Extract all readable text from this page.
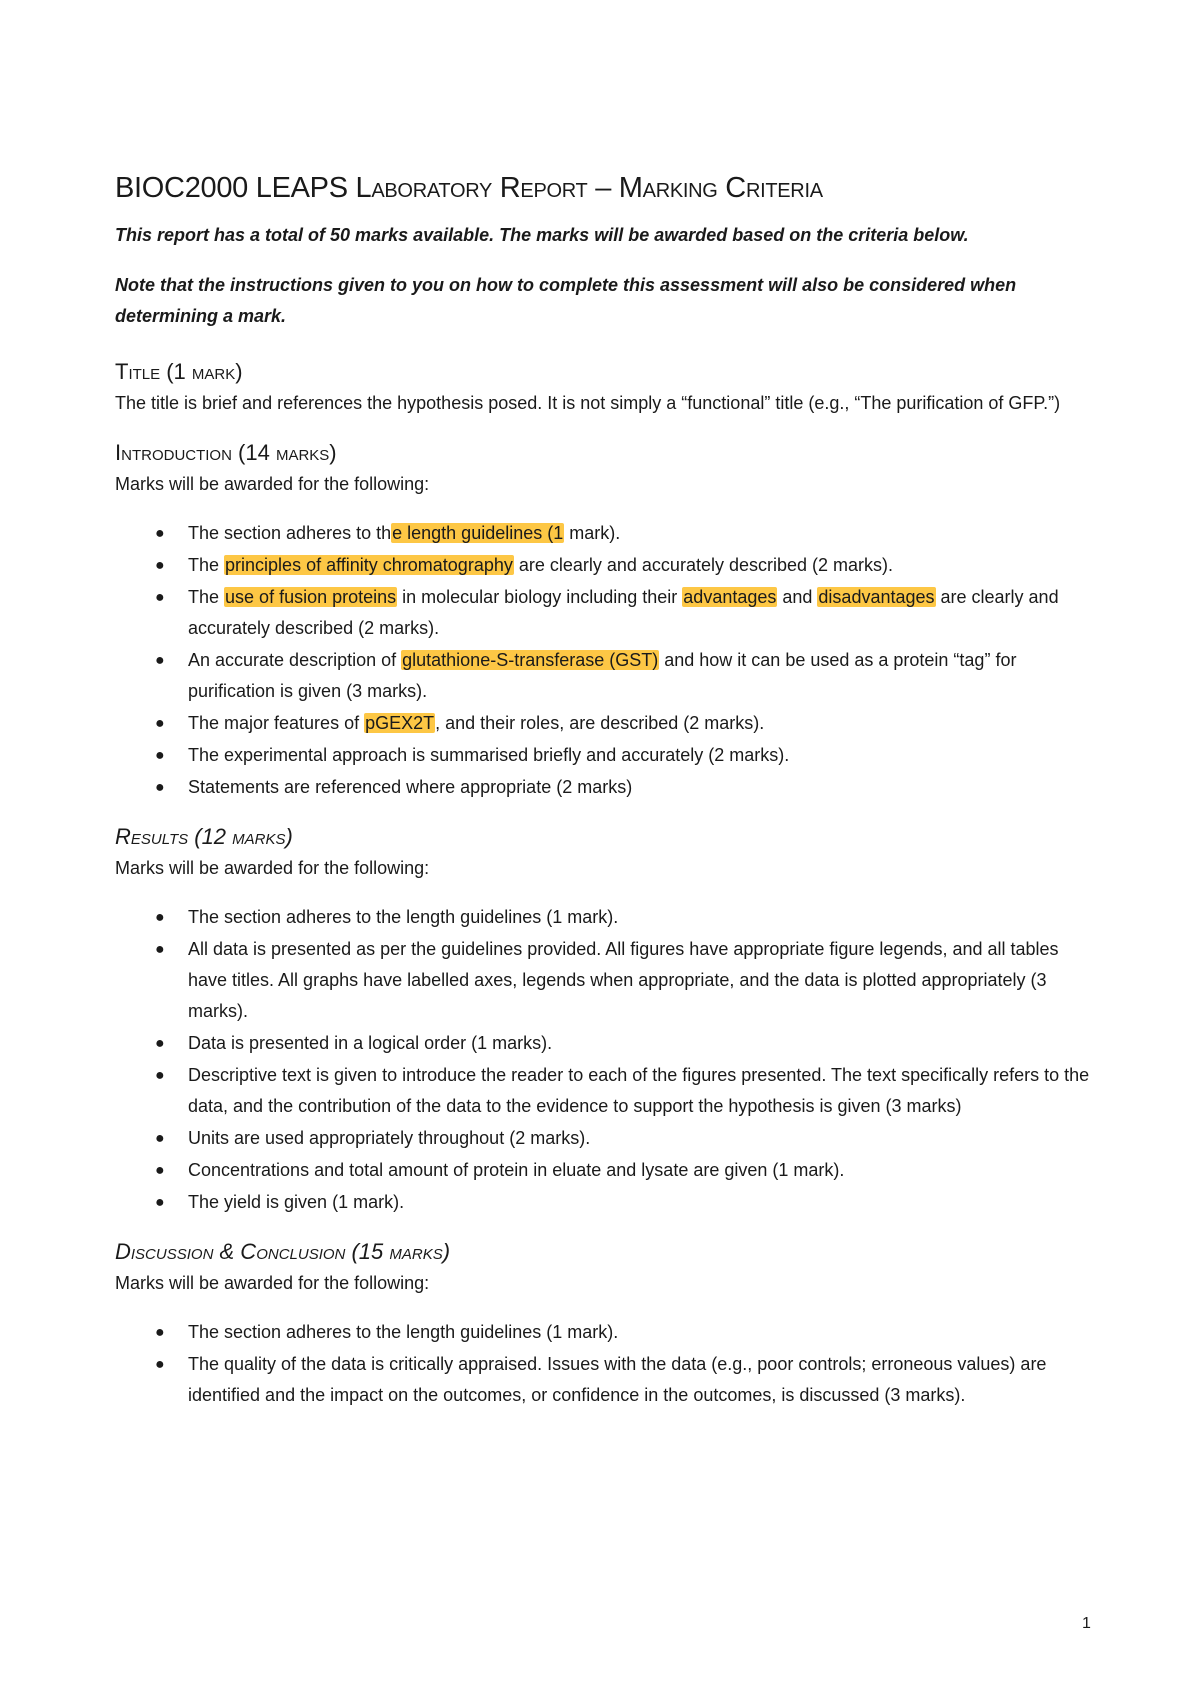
BIOC2000 LEAPS Laboratory Report – Marking Criteria

This report has a total of 50 marks available. The marks will be awarded based on the criteria below.

Note that the instructions given to you on how to complete this assessment will also be considered when determining a mark.

Title (1 mark)

The title is brief and references the hypothesis posed. It is not simply a “functional” title (e.g., “The purification of GFP.”)

Introduction (14 marks)

Marks will be awarded for the following:

● The section adheres to the length guidelines (1 mark).
● The principles of affinity chromatography are clearly and accurately described (2 marks).
● The use of fusion proteins in molecular biology including their advantages and disadvantages are clearly and accurately described (2 marks).
● An accurate description of glutathione-S-transferase (GST) and how it can be used as a protein “tag” for purification is given (3 marks).
● The major features of pGEX2T, and their roles, are described (2 marks).
● The experimental approach is summarised briefly and accurately (2 marks).
● Statements are referenced where appropriate (2 marks)
Results (12 marks)

Marks will be awarded for the following:

● The section adheres to the length guidelines (1 mark).
● All data is presented as per the guidelines provided. All figures have appropriate figure legends, and all tables have titles. All graphs have labelled axes, legends when appropriate, and the data is plotted appropriately (3 marks).
● Data is presented in a logical order (1 marks).
● Descriptive text is given to introduce the reader to each of the figures presented. The text specifically refers to the data, and the contribution of the data to the evidence to support the hypothesis is given (3 marks)
● Units are used appropriately throughout (2 marks).
● Concentrations and total amount of protein in eluate and lysate are given (1 mark).
● The yield is given (1 mark).
Discussion & Conclusion (15 marks)

Marks will be awarded for the following:

● The section adheres to the length guidelines (1 mark).
● The quality of the data is critically appraised. Issues with the data (e.g., poor controls; erroneous values) are identified and the impact on the outcomes, or confidence in the outcomes, is discussed (3 marks).
1
